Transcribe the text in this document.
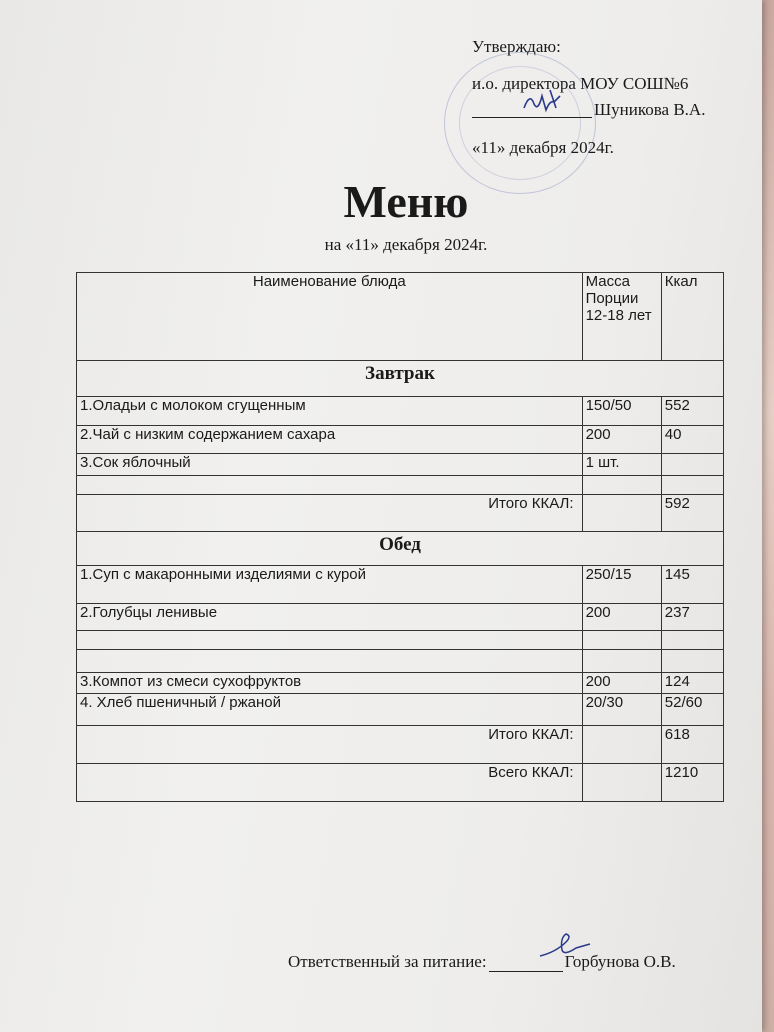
Утверждаю:
и.о. директора МОУ СОШ№6
Шуникова В.А.
«11» декабря 2024г.
Меню
на «11» декабря 2024г.
Наименование блюда	Масса Порции 12-18 лет	Ккал
Завтрак		
1.Оладьи с молоком сгущенным	150/50	552
2.Чай с низким содержанием сахара	200	40
3.Сок яблочный	1 шт.	

Итого ККАЛ:		592
Обед		
1.Суп с макаронными изделиями с курой	250/15	145
2.Голубцы ленивые	200	237

3.Компот из смеси сухофруктов	200	124
4. Хлеб пшеничный / ржаной	20/30	52/60
Итого ККАЛ:		618
Всего ККАЛ:		1210
Ответственный за питание:	Горбунова О.В.
